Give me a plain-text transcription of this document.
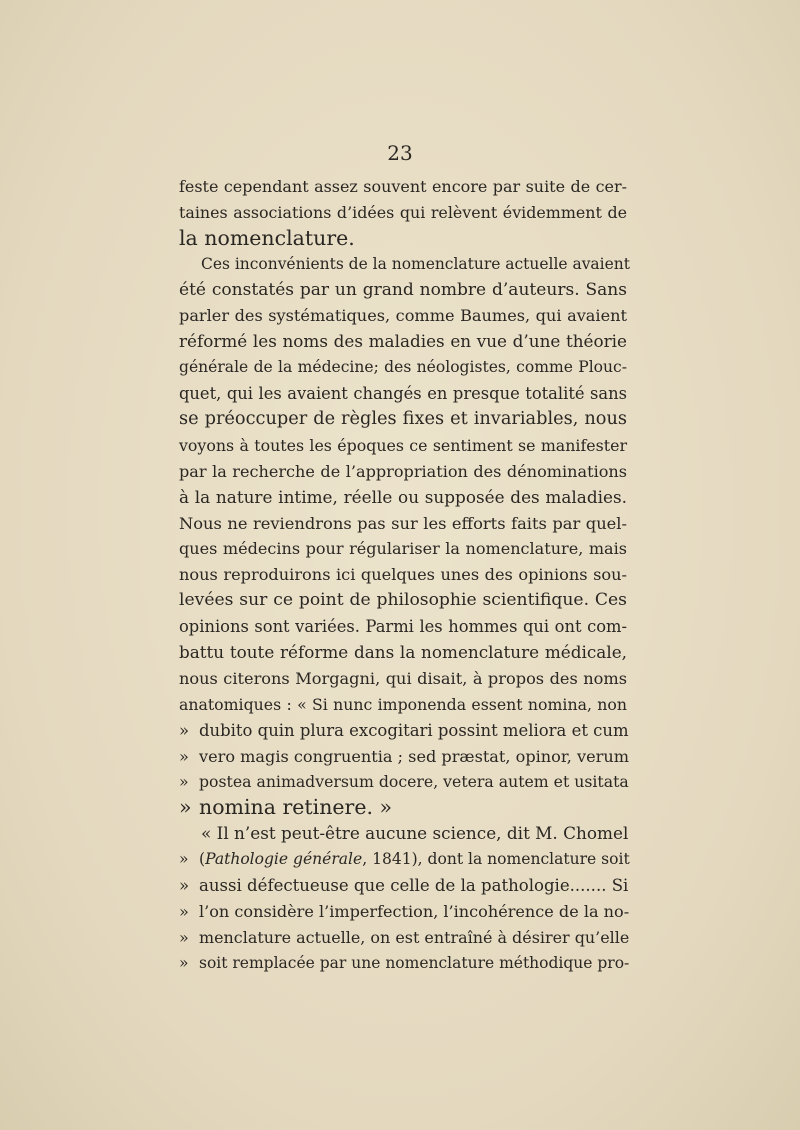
23
feste cependant assez souvent encore par suite de cer-
taines associations d’idées qui relèvent évidemment de
la nomenclature.
Ces inconvénients de la nomenclature actuelle avaient
été constatés par un grand nombre d’auteurs. Sans
parler des systématiques, comme Baumes, qui avaient
réformé les noms des maladies en vue d’une théorie
générale de la médecine; des néologistes, comme Plouc-
quet, qui les avaient changés en presque totalité sans
se préoccuper de règles fixes et invariables, nous
voyons à toutes les époques ce sentiment se manifester
par la recherche de l’appropriation des dénominations
à la nature intime, réelle ou supposée des maladies.
Nous ne reviendrons pas sur les efforts faits par quel-
ques médecins pour régulariser la nomenclature, mais
nous reproduirons ici quelques unes des opinions sou-
levées sur ce point de philosophie scientifique. Ces
opinions sont variées. Parmi les hommes qui ont com-
battu toute réforme dans la nomenclature médicale,
nous citerons Morgagni, qui disait, à propos des noms
anatomiques : « Si nunc imponenda essent nomina, non
» dubito quin plura excogitari possint meliora et cum
» vero magis congruentia ; sed præstat, opinor, verum
» postea animadversum docere, vetera autem et usitata
» nomina retinere. »
« Il n’est peut-être aucune science, dit M. Chomel
» (Pathologie générale, 1841), dont la nomenclature soit
» aussi défectueuse que celle de la pathologie....... Si
» l’on considère l’imperfection, l’incohérence de la no-
» menclature actuelle, on est entraîné à désirer qu’elle
» soit remplacée par une nomenclature méthodique pro-
